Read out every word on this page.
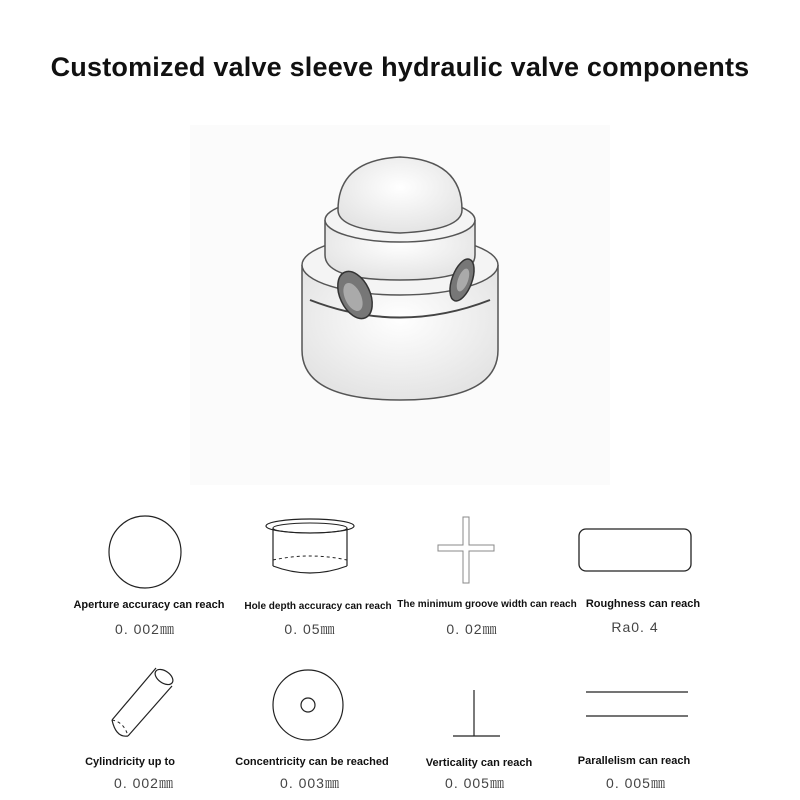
Customized valve sleeve hydraulic valve components
Aperture accuracy can reach
0. 002㎜
Hole depth accuracy can reach
0. 05㎜
The minimum groove width can reach
0. 02㎜
Roughness can reach
Ra0. 4
Cylindricity up to
0. 002㎜
Concentricity can be reached
0. 003㎜
Verticality can reach
0. 005㎜
Parallelism can reach
0. 005㎜
